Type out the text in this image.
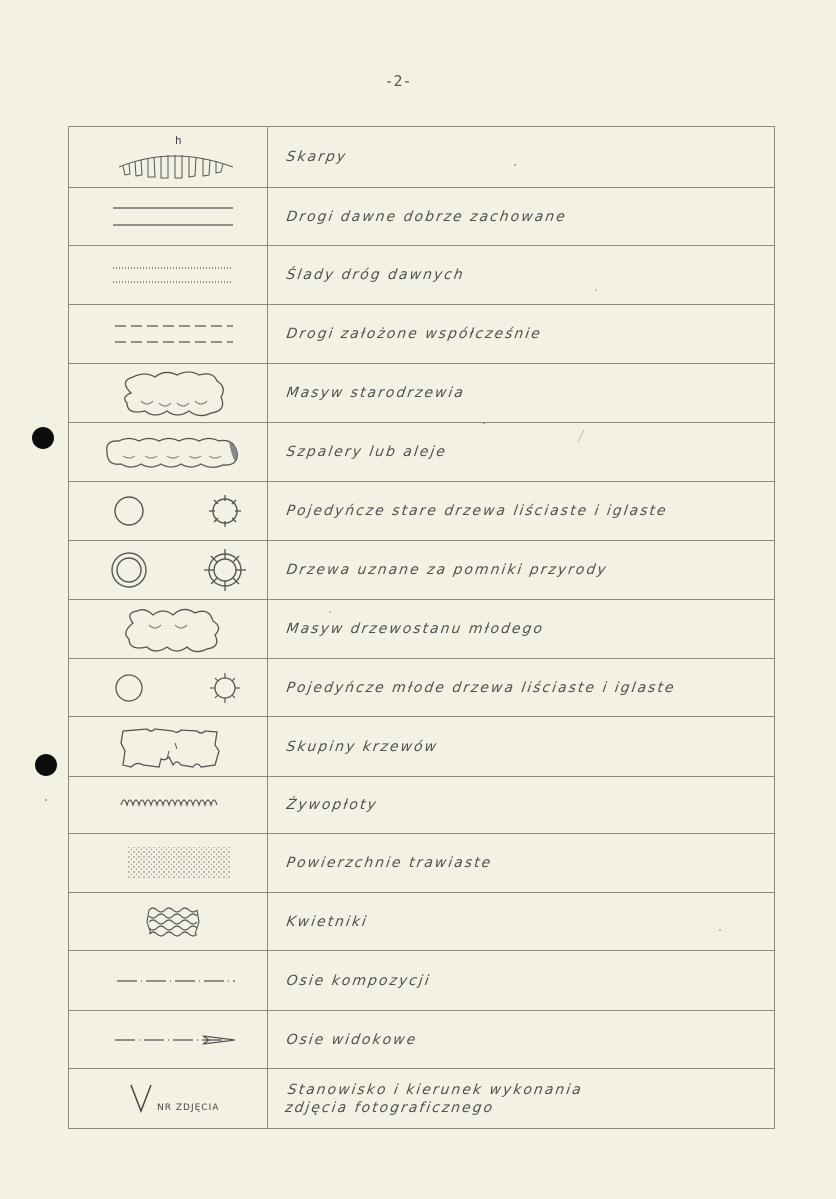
-2-
h	Skarpy

	Drogi dawne dobrze zachowane

	Ślady dróg dawnych

	Drogi założone współcześnie

	Masyw starodrzewia

	Szpalery lub aleje

	Pojedyńcze stare drzewa liściaste i iglaste

	Drzewa uznane za pomniki przyrody

	Masyw drzewostanu młodego

	Pojedyńcze młode drzewa liściaste i iglaste

	Skupiny krzewów

	Żywopłoty

	Powierzchnie trawiaste

	Kwietniki

	Osie kompozycji

	Osie widokowe

NR ZDJĘCIA	Stanowisko i kierunek wykonania
zdjęcia fotograficznego
